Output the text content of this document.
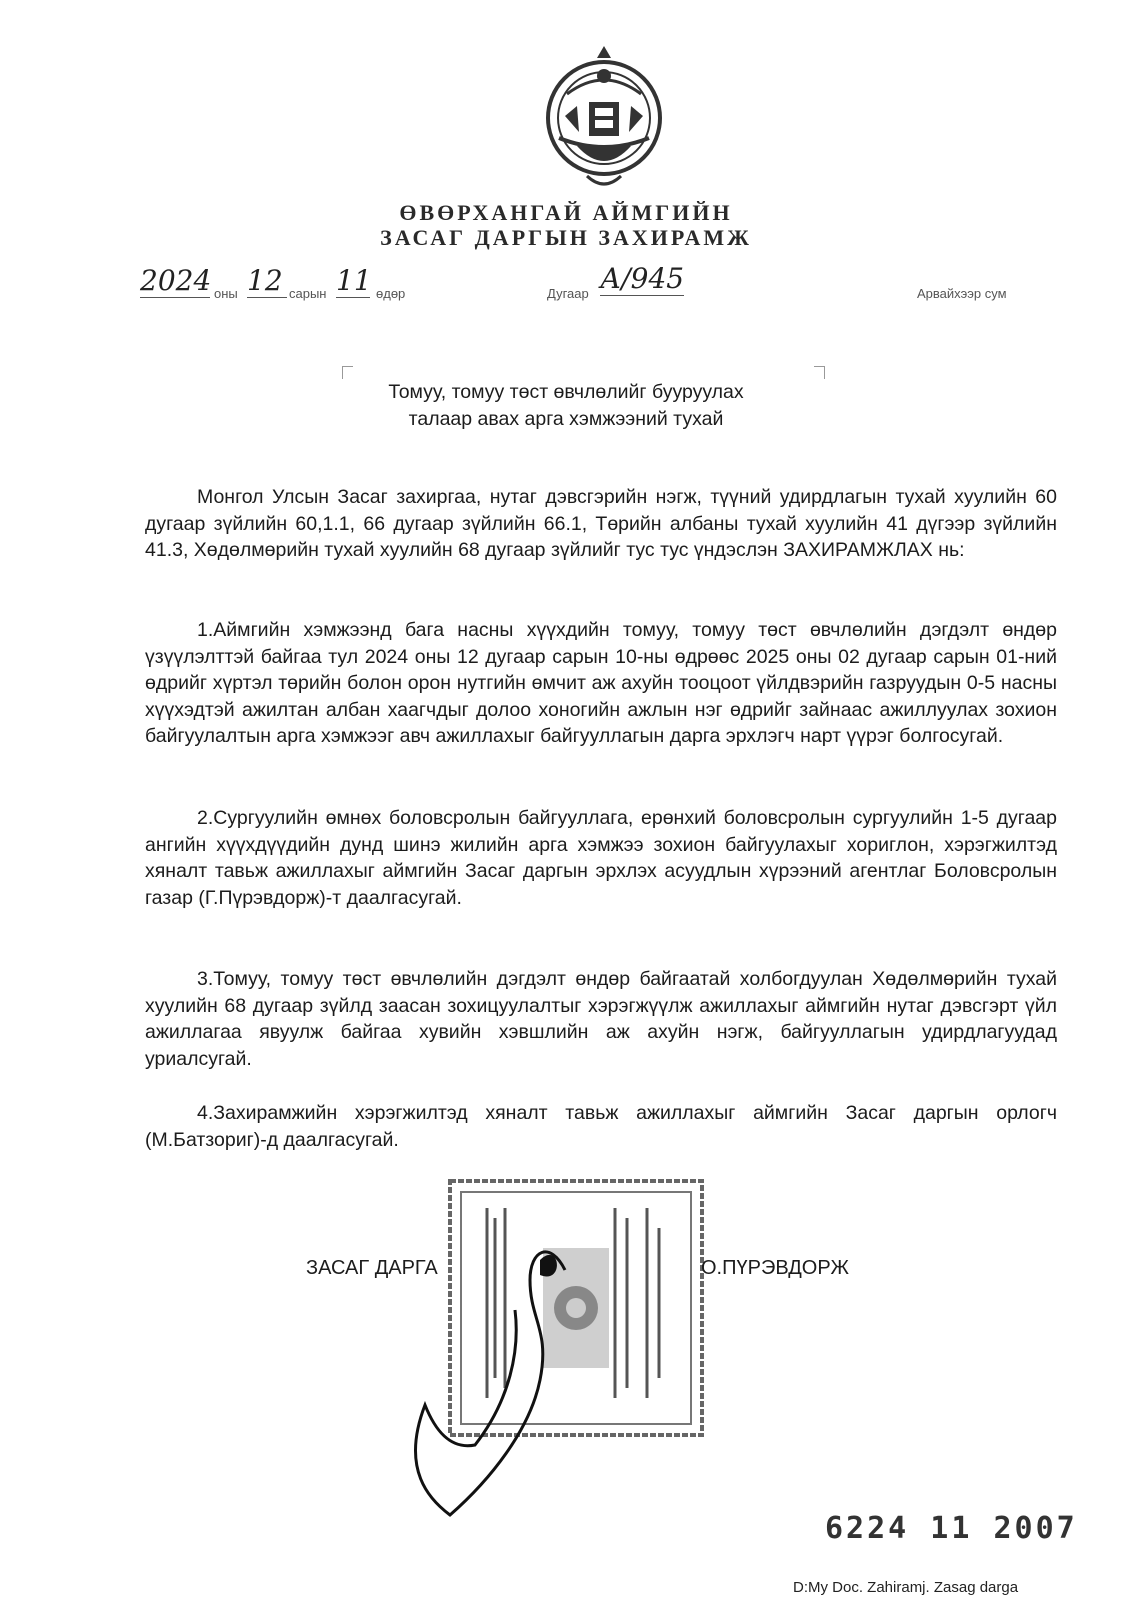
ӨВӨРХАНГАЙ АЙМГИЙН
ЗАСАГ ДАРГЫН ЗАХИРАМЖ
2024 оны 12 сарын 11 өдөр	Дугаар А/945	Арвайхээр сум
Томуу, томуу төст өвчлөлийг бууруулах
талаар авах арга хэмжээний тухай
Монгол Улсын Засаг захиргаа, нутаг дэвсгэрийн нэгж, түүний удирдлагын тухай хуулийн 60 дугаар зүйлийн 60,1.1, 66 дугаар зүйлийн 66.1, Төрийн албаны тухай хуулийн 41 дүгээр зүйлийн 41.3, Хөдөлмөрийн тухай хуулийн 68 дугаар зүйлийг тус тус үндэслэн ЗАХИРАМЖЛАХ нь:
1.Аймгийн хэмжээнд бага насны хүүхдийн томуу, томуу төст өвчлөлийн дэгдэлт өндөр үзүүлэлттэй байгаа тул 2024 оны 12 дугаар сарын 10-ны өдрөөс 2025 оны 02 дугаар сарын 01-ний өдрийг хүртэл төрийн болон орон нутгийн өмчит аж ахуйн тооцоот үйлдвэрийн газруудын 0-5 насны хүүхэдтэй ажилтан албан хаагчдыг долоо хоногийн ажлын нэг өдрийг зайнаас ажиллуулах зохион байгуулалтын арга хэмжээг авч ажиллахыг байгууллагын дарга эрхлэгч нарт үүрэг болгосугай.
2.Сургуулийн өмнөх боловсролын байгууллага, ерөнхий боловсролын сургуулийн 1-5 дугаар ангийн хүүхдүүдийн дунд шинэ жилийн арга хэмжээ зохион байгуулахыг хориглон, хэрэгжилтэд хяналт тавьж ажиллахыг аймгийн Засаг даргын эрхлэх асуудлын хүрээний агентлаг Боловсролын газар (Г.Пүрэвдорж)-т даалгасугай.
3.Томуу, томуу төст өвчлөлийн дэгдэлт өндөр байгаатай холбогдуулан Хөдөлмөрийн тухай хуулийн 68 дугаар зүйлд заасан зохицуулалтыг хэрэгжүүлж ажиллахыг аймгийн нутаг дэвсгэрт үйл ажиллагаа явуулж байгаа хувийн хэвшлийн аж ахуйн нэгж, байгууллагын удирдлагуудад уриалсугай.
4.Захирамжийн хэрэгжилтэд хяналт тавьж ажиллахыг аймгийн Засаг даргын орлогч (М.Батзориг)-д даалгасугай.
ЗАСАГ ДАРГА	О.ПҮРЭВДОРЖ
6224 11 2007
D:My Doc. Zahiramj. Zasag darga
